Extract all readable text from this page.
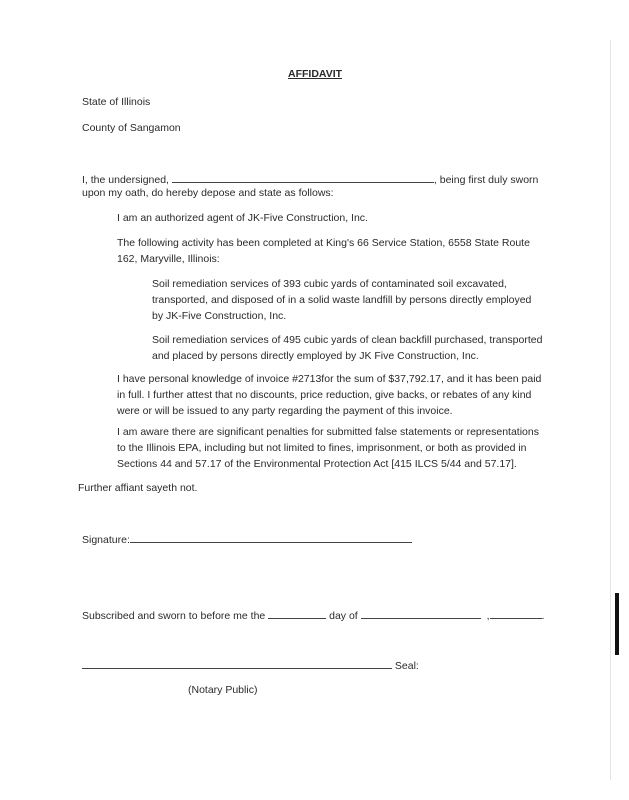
AFFIDAVIT
State of Illinois
County of Sangamon
I, the undersigned,	, being first duly sworn
upon my oath, do hereby depose and state as follows:
I am an authorized agent of JK-Five Construction, Inc.
The following activity has been completed at King's 66 Service Station, 6558 State Route 162, Maryville, Illinois:
Soil remediation services of 393 cubic yards of contaminated soil excavated, transported, and disposed of in a solid waste landfill by persons directly employed by JK-Five Construction, Inc.
Soil remediation services of 495 cubic yards of clean backfill purchased, transported and placed by persons directly employed by JK Five Construction, Inc.
I have personal knowledge of invoice #2713for the sum of $37,792.17, and it has been paid in full. I further attest that no discounts, price reduction, give backs, or rebates of any kind were or will be issued to any party regarding the payment of this invoice.
I am aware there are significant penalties for submitted false statements or representations to the Illinois EPA, including but not limited to fines, imprisonment, or both as provided in Sections 44 and 57.17 of the Environmental Protection Act [415 ILCS 5/44 and 57.17].
Further affiant sayeth not.
Signature:
Subscribed and sworn to before me the	day of	,	.
Seal:
(Notary Public)
